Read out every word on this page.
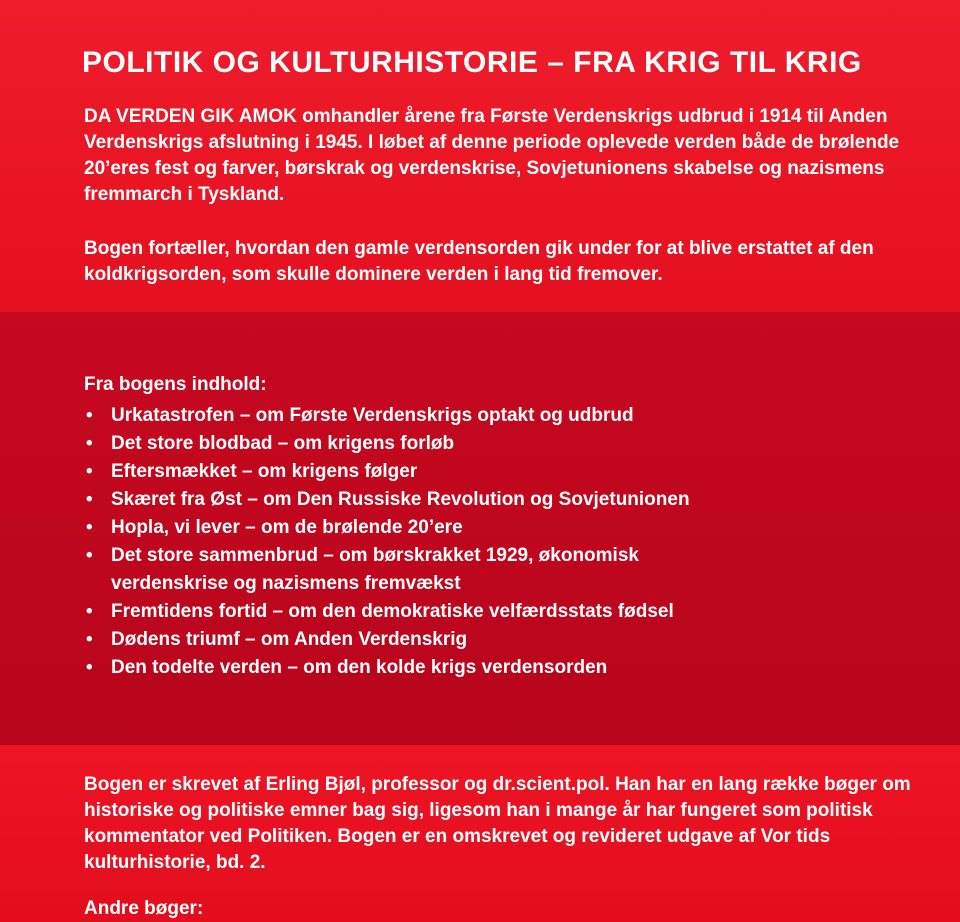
POLITIK OG KULTURHISTORIE – FRA KRIG TIL KRIG

DA VERDEN GIK AMOK omhandler årene fra Første Verdenskrigs udbrud i 1914 til Anden Verdenskrigs afslutning i 1945. I løbet af denne periode oplevede verden både de brølende 20’eres fest og farver, børskrak og verdenskrise, Sovjetunionens skabelse og nazismens fremmarch i Tyskland.

Bogen fortæller, hvordan den gamle verdensorden gik under for at blive erstattet af den koldkrigsorden, som skulle dominere verden i lang tid fremover.

Fra bogens indhold:

• Urkatastrofen – om Første Verdenskrigs optakt og udbrud
• Det store blodbad – om krigens forløb
• Eftersmækket – om krigens følger
• Skæret fra Øst – om Den Russiske Revolution og Sovjetunionen
• Hopla, vi lever – om de brølende 20’ere
• Det store sammenbrud – om børskrakket 1929, økonomisk verdenskrise og nazismens fremvækst
• Fremtidens fortid – om den demokratiske velfærdsstats fødsel
• Dødens triumf – om Anden Verdenskrig
• Den todelte verden – om den kolde krigs verdensorden

Bogen er skrevet af Erling Bjøl, professor og dr.scient.pol. Han har en lang række bøger om historiske og politiske emner bag sig, ligesom han i mange år har fungeret som politisk kommentator ved Politiken. Bogen er en omskrevet og revideret udgave af Vor tids kulturhistorie, bd. 2.

Andre bøger:
